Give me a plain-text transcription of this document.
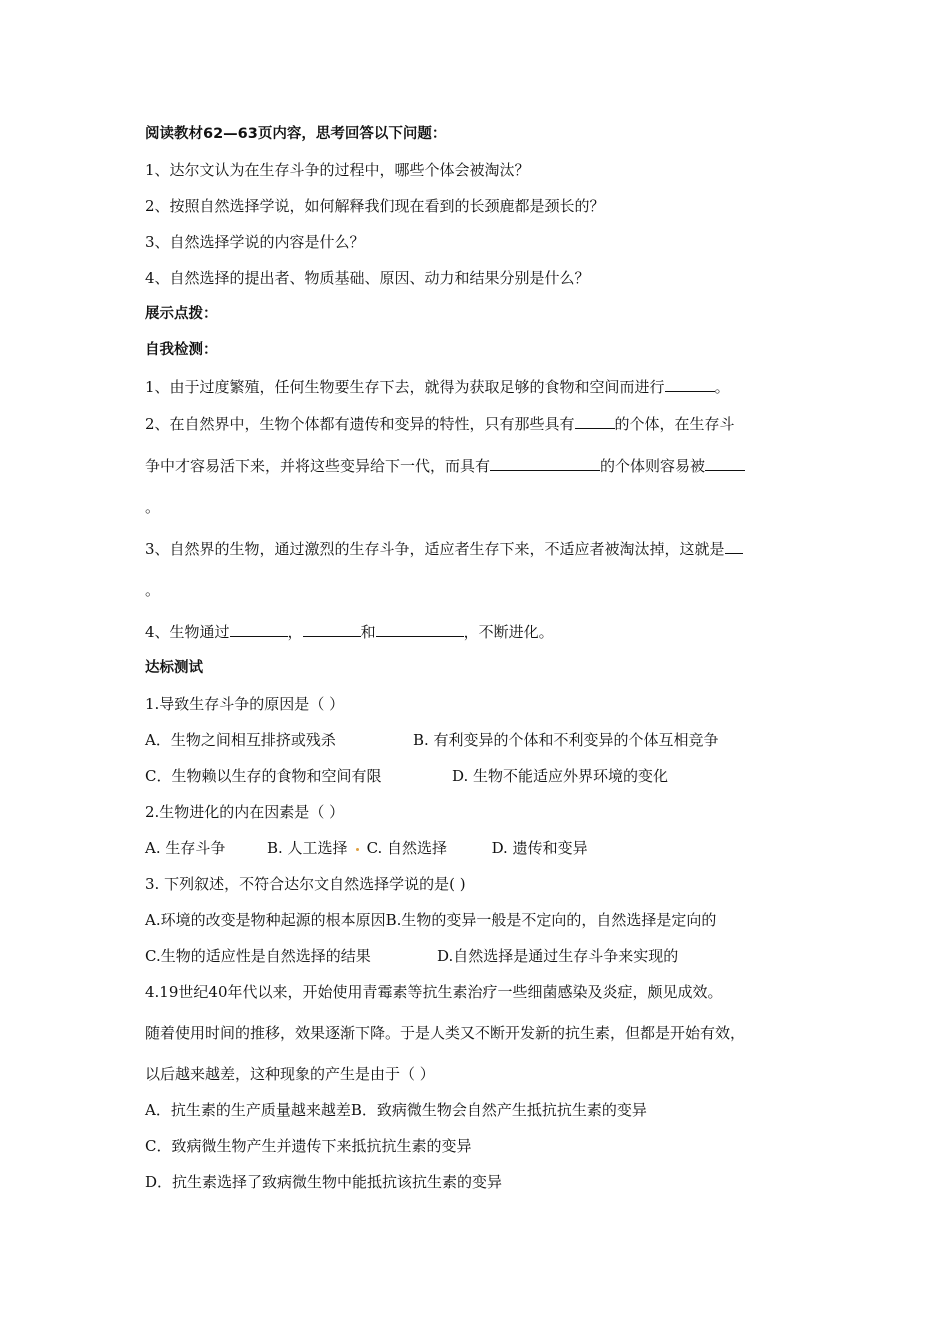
阅读教材62—63页内容，思考回答以下问题：

1、达尔文认为在生存斗争的过程中，哪些个体会被淘汰？

2、按照自然选择学说，如何解释我们现在看到的长颈鹿都是颈长的？

3、自然选择学说的内容是什么？

4、自然选择的提出者、物质基础、原因、动力和结果分别是什么？

展示点拨：

自我检测：

1、由于过度繁殖，任何生物要生存下去，就得为获取足够的食物和空间而进行	。

2、在自然界中，生物个体都有遗传和变异的特性，只有那些具有	的个体，在生存斗

争中才容易活下来，并将这些变异给下一代，而具有	的个体则容易被

。

3、自然界的生物，通过激烈的生存斗争，适应者生存下来，不适应者被淘汰掉，这就是

。

4、生物通过	，	和	，不断进化。

达标测试

1.导致生存斗争的原因是（ ）

A．生物之间相互排挤或残杀	B. 有利变异的个体和不利变异的个体互相竞争

C．生物赖以生存的食物和空间有限	D. 生物不能适应外界环境的变化

2.生物进化的内在因素是（ ）

A. 生存斗争	B. 人工选择 C. 自然选择	D. 遗传和变异

3. 下列叙述，不符合达尔文自然选择学说的是( )

A.环境的改变是物种起源的根本原因B.生物的变异一般是不定向的，自然选择是定向的

C.生物的适应性是自然选择的结果	D.自然选择是通过生存斗争来实现的

4.19世纪40年代以来，开始使用青霉素等抗生素治疗一些细菌感染及炎症，颇见成效。

随着使用时间的推移，效果逐渐下降。于是人类又不断开发新的抗生素，但都是开始有效，

以后越来越差，这种现象的产生是由于（ ）

A．抗生素的生产质量越来越差B．致病微生物会自然产生抵抗抗生素的变异

C．致病微生物产生并遗传下来抵抗抗生素的变异

D．抗生素选择了致病微生物中能抵抗该抗生素的变异
